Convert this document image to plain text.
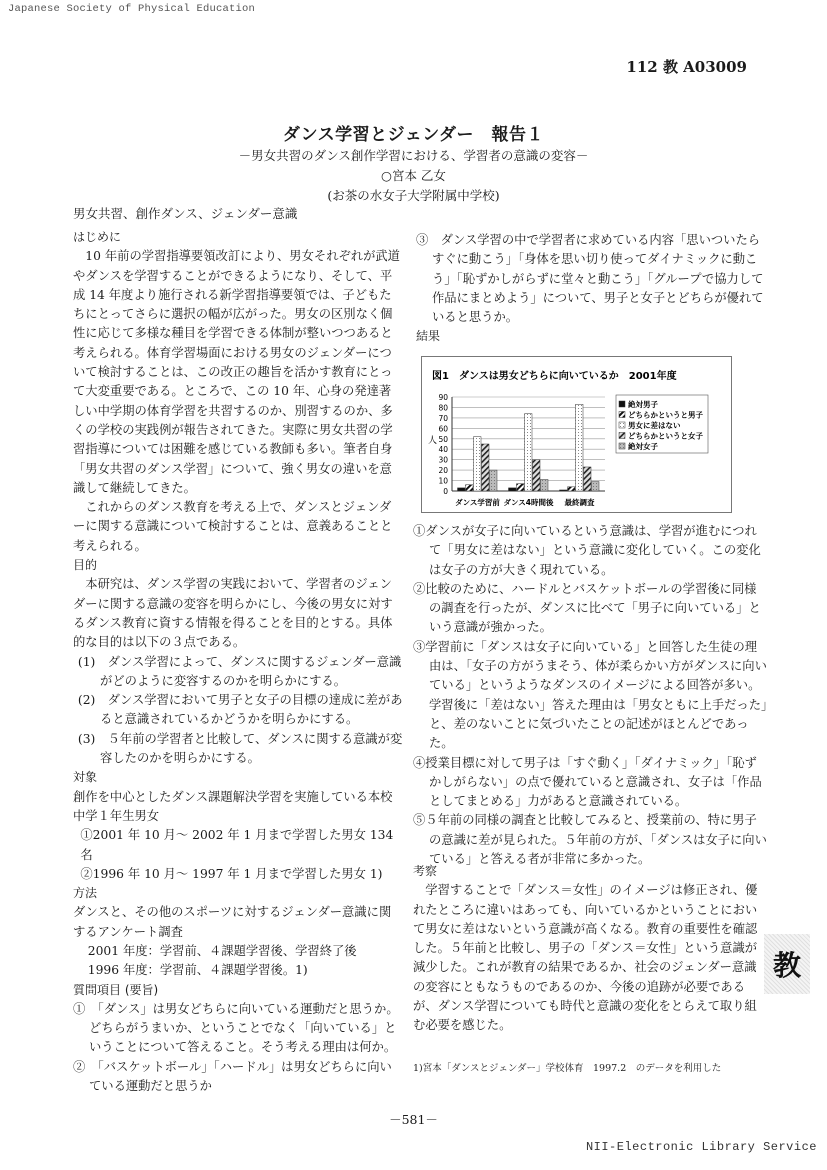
Japanese Society of Physical Education
112 教 A03009
ダンス学習とジェンダー　報告１
－男女共習のダンス創作学習における、学習者の意識の変容－
○宮本 乙女
(お茶の水女子大学附属中学校)
男女共習、創作ダンス、ジェンダー意識
はじめに
10 年前の学習指導要領改訂により、男女それぞれが武道やダンスを学習することができるようになり、そして、平成 14 年度より施行される新学習指導要領では、子どもたちにとってさらに選択の幅が広がった。男女の区別なく個性に応じて多様な種目を学習できる体制が整いつつあると考えられる。体育学習場面における男女のジェンダーについて検討することは、この改正の趣旨を活かす教育にとって大変重要である。ところで、この 10 年、心身の発達著しい中学期の体育学習を共習するのか、別習するのか、多くの学校の実践例が報告されてきた。実際に男女共習の学習指導については困難を感じている教師も多い。筆者自身「男女共習のダンス学習」について、強く男女の違いを意識して継続してきた。
これからのダンス教育を考える上で、ダンスとジェンダーに関する意識について検討することは、意義あることと考えられる。
目的
本研究は、ダンス学習の実践において、学習者のジェンダーに関する意識の変容を明らかにし、今後の男女に対するダンス教育に資する情報を得ることを目的とする。具体的な目的は以下の３点である。
(1)　ダンス学習によって、ダンスに関するジェンダー意識がどのように変容するのかを明らかにする。
(2)　ダンス学習において男子と女子の目標の達成に差があると意識されているかどうかを明らかにする。
(3)　５年前の学習者と比較して、ダンスに関する意識が変容したのかを明らかにする。
対象
創作を中心としたダンス課題解決学習を実施している本校中学１年生男女
①2001 年 10 月～ 2002 年 1 月まで学習した男女 134 名
②1996 年 10 月～ 1997 年 1 月まで学習した男女 1)
方法
ダンスと、その他のスポーツに対するジェンダー意識に関するアンケート調査
2001 年度：学習前、４課題学習後、学習終了後
1996 年度：学習前、４課題学習後。1)
質問項目 (要旨)
①　「ダンス」は男女どちらに向いている運動だと思うか。どちらがうまいか、ということでなく「向いている」ということについて答えること。そう考える理由は何か。
②　「バスケットボール」「ハードル」は男女どちらに向いている運動だと思うか
③　ダンス学習の中で学習者に求めている内容「思いついたらすぐに動こう」「身体を思い切り使ってダイナミックに動こう」「恥ずかしがらずに堂々と動こう」「グループで協力して作品にまとめよう」について、男子と女子とどちらが優れていると思うか。
結果
図1　ダンスは男女どちらに向いているか　2001年度
0
10
20
30
40
50
60
70
80
90
ダンス学習前 ダンス4時間後 最終調査
人
絶対男子
どちらかというと男子
男女に差はない
どちらかというと女子
絶対女子
①ダンスが女子に向いているという意識は、学習が進むにつれて「男女に差はない」という意識に変化していく。この変化は女子の方が大きく現れている。
②比較のために、ハードルとバスケットボールの学習後に同様の調査を行ったが、ダンスに比べて「男子に向いている」という意識が強かった。
③学習前に「ダンスは女子に向いている」と回答した生徒の理由は、「女子の方がうまそう、体が柔らかい方がダンスに向いている」というようなダンスのイメージによる回答が多い。学習後に「差はない」答えた理由は「男女ともに上手だった」と、差のないことに気づいたことの記述がほとんどであった。
④授業目標に対して男子は「すぐ動く」「ダイナミック」「恥ずかしがらない」の点で優れていると意識され、女子は「作品としてまとめる」力があると意識されている。
⑤５年前の同様の調査と比較してみると、授業前の、特に男子の意識に差が見られた。５年前の方が、「ダンスは女子に向いている」と答える者が非常に多かった。
考察
学習することで「ダンス＝女性」のイメージは修正され、優れたところに違いはあっても、向いているかということにおいて男女に差はないという意識が高くなる。教育の重要性を確認した。５年前と比較し、男子の「ダンス＝女性」という意識が減少した。これが教育の結果であるか、社会のジェンダー意識の変容にともなうものであるのか、今後の追跡が必要であるが、ダンス学習についても時代と意識の変化をとらえて取り組む必要を感じた。
1)宮本「ダンスとジェンダー」学校体育　1997.2　のデータを利用した
教
－581－
NII-Electronic Library Service
